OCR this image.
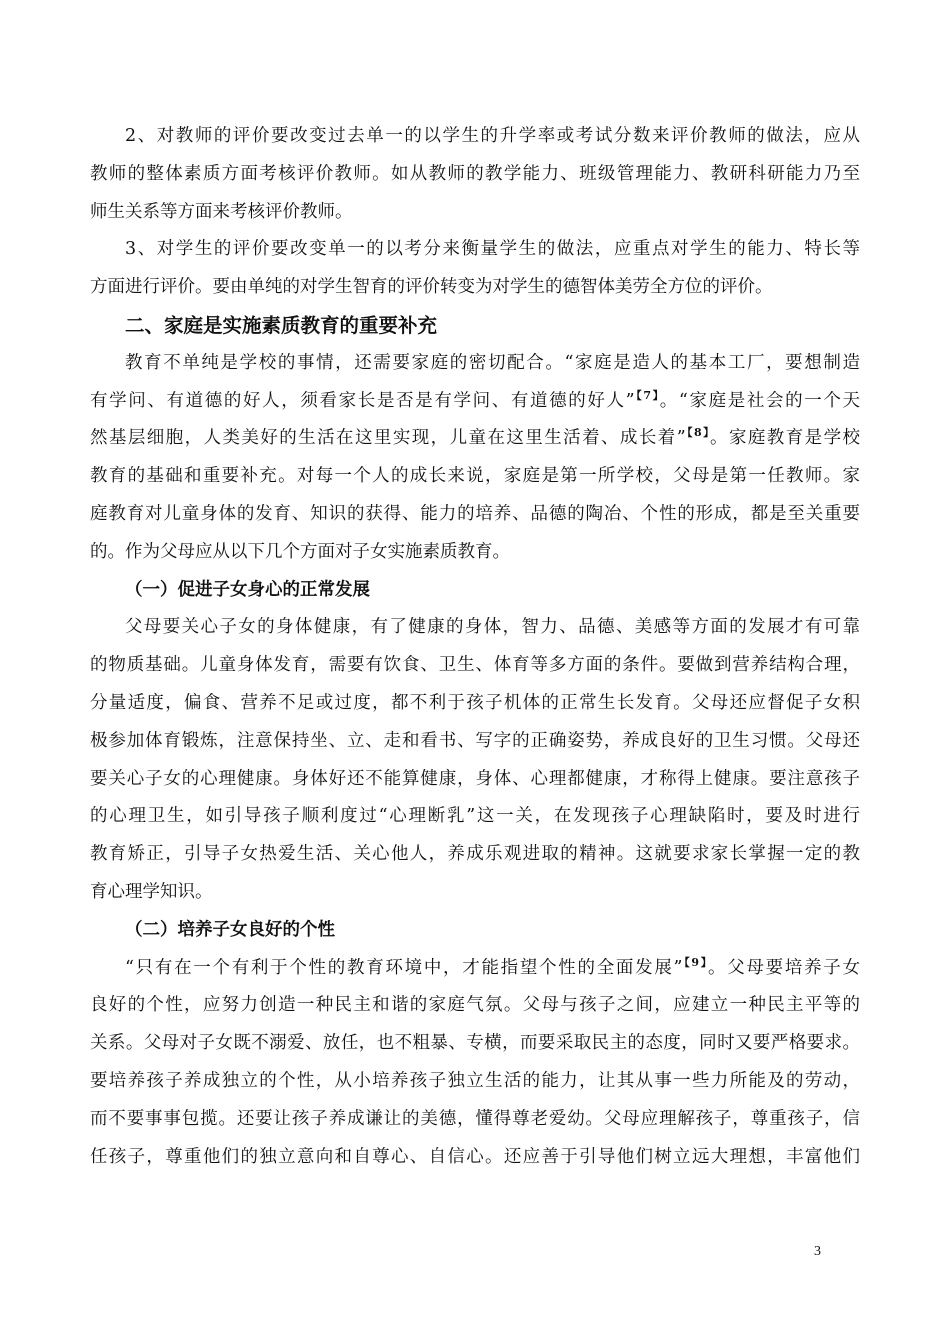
2、对教师的评价要改变过去单一的以学生的升学率或考试分数来评价教师的做法，应从
教师的整体素质方面考核评价教师。如从教师的教学能力、班级管理能力、教研科研能力乃至
师生关系等方面来考核评价教师。
3、对学生的评价要改变单一的以考分来衡量学生的做法，应重点对学生的能力、特长等
方面进行评价。要由单纯的对学生智育的评价转变为对学生的德智体美劳全方位的评价。
二、家庭是实施素质教育的重要补充
教育不单纯是学校的事情，还需要家庭的密切配合。“家庭是造人的基本工厂，要想制造
有学问、有道德的好人，须看家长是否是有学问、有道德的好人”$^{【7】}$。“家庭是社会的一个天
然基层细胞，人类美好的生活在这里实现，儿童在这里生活着、成长着”$^{【8】}$。家庭教育是学校
教育的基础和重要补充。对每一个人的成长来说，家庭是第一所学校，父母是第一任教师。家
庭教育对儿童身体的发育、知识的获得、能力的培养、品德的陶冶、个性的形成，都是至关重要
的。作为父母应从以下几个方面对子女实施素质教育。
（一）促进子女身心的正常发展
父母要关心子女的身体健康，有了健康的身体，智力、品德、美感等方面的发展才有可靠
的物质基础。儿童身体发育，需要有饮食、卫生、体育等多方面的条件。要做到营养结构合理，
分量适度，偏食、营养不足或过度，都不利于孩子机体的正常生长发育。父母还应督促子女积
极参加体育锻炼，注意保持坐、立、走和看书、写字的正确姿势，养成良好的卫生习惯。父母还
要关心子女的心理健康。身体好还不能算健康，身体、心理都健康，才称得上健康。要注意孩子
的心理卫生，如引导孩子顺利度过“心理断乳”这一关，在发现孩子心理缺陷时，要及时进行
教育矫正，引导子女热爱生活、关心他人，养成乐观进取的精神。这就要求家长掌握一定的教
育心理学知识。
（二）培养子女良好的个性
“只有在一个有利于个性的教育环境中，才能指望个性的全面发展”$^{【9】}$。父母要培养子女
良好的个性，应努力创造一种民主和谐的家庭气氛。父母与孩子之间，应建立一种民主平等的
关系。父母对子女既不溺爱、放任，也不粗暴、专横，而要采取民主的态度，同时又要严格要求。
要培养孩子养成独立的个性，从小培养孩子独立生活的能力，让其从事一些力所能及的劳动，
而不要事事包揽。还要让孩子养成谦让的美德，懂得尊老爱幼。父母应理解孩子，尊重孩子，信
任孩子，尊重他们的独立意向和自尊心、自信心。还应善于引导他们树立远大理想，丰富他们
3
